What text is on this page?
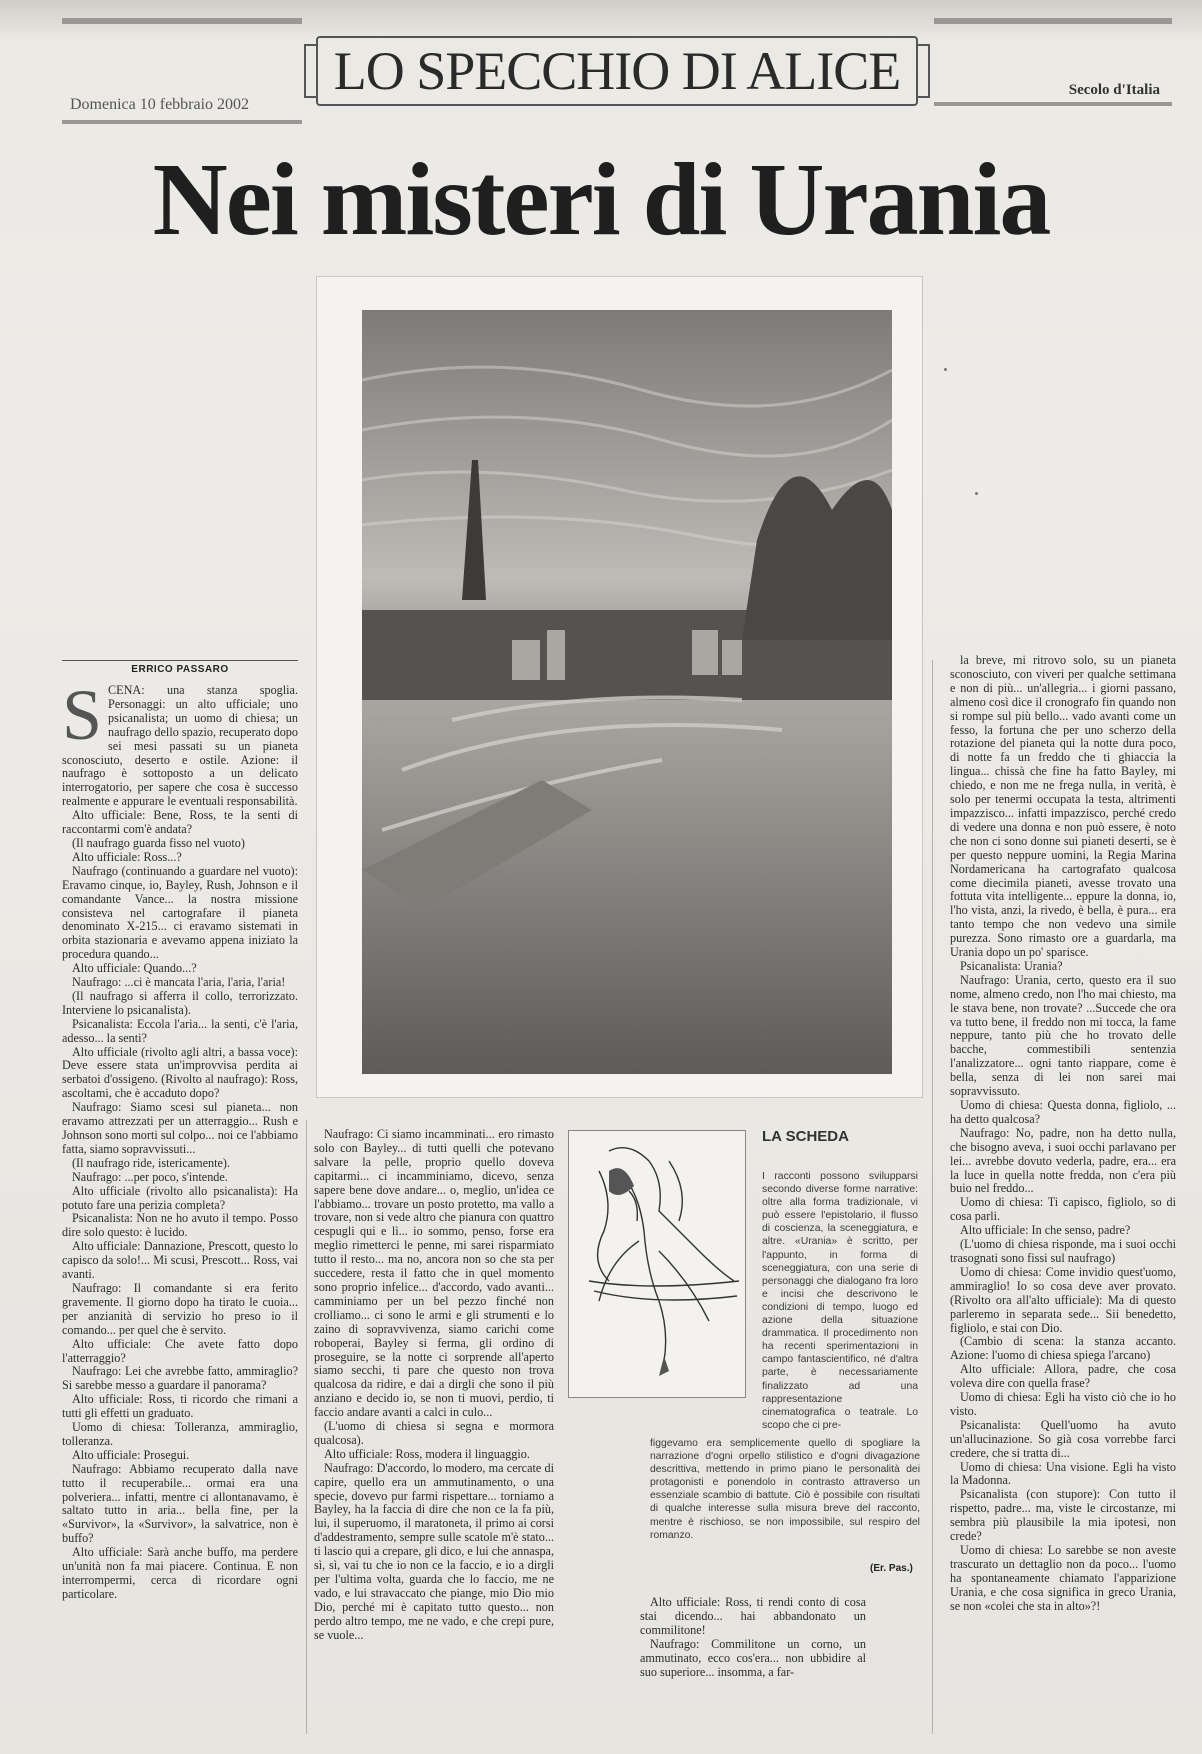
Domenica 10 febbraio 2002
LO SPECCHIO DI ALICE	Secolo d'Italia
Nei misteri di Urania
ERRICO PASSARO

SCENA: una stanza spoglia. Personaggi: un alto ufficiale; uno psicanalista; un uomo di chiesa; un naufrago dello spazio, recuperato dopo sei mesi passati su un pianeta sconosciuto, deserto e ostile. Azione: il naufrago è sottoposto a un delicato interrogatorio, per sapere che cosa è successo realmente e appurare le eventuali responsabilità.

Alto ufficiale: Bene, Ross, te la senti di raccontarmi com'è andata?

(Il naufrago guarda fisso nel vuoto)

Alto ufficiale: Ross...?

Naufrago (continuando a guardare nel vuoto): Eravamo cinque, io, Bayley, Rush, Johnson e il comandante Vance... la nostra missione consisteva nel cartografare il pianeta denominato X-215... ci eravamo sistemati in orbita stazionaria e avevamo appena iniziato la procedura quando...

Alto ufficiale: Quando...?

Naufrago: ...ci è mancata l'aria, l'aria, l'aria!

(Il naufrago si afferra il collo, terrorizzato. Interviene lo psicanalista).

Psicanalista: Eccola l'aria... la senti, c'è l'aria, adesso... la senti?

Alto ufficiale (rivolto agli altri, a bassa voce): Deve essere stata un'improvvisa perdita ai serbatoi d'ossigeno. (Rivolto al naufrago): Ross, ascoltami, che è accaduto dopo?

Naufrago: Siamo scesi sul pianeta... non eravamo attrezzati per un atterraggio... Rush e Johnson sono morti sul colpo... noi ce l'abbiamo fatta, siamo sopravvissuti...

(Il naufrago ride, istericamente).

Naufrago: ...per poco, s'intende.

Alto ufficiale (rivolto allo psicanalista): Ha potuto fare una perizia completa?

Psicanalista: Non ne ho avuto il tempo. Posso dire solo questo: è lucido.

Alto ufficiale: Dannazione, Prescott, questo lo capisco da solo!... Mi scusi, Prescott... Ross, vai avanti.

Naufrago: Il comandante si era ferito gravemente. Il giorno dopo ha tirato le cuoia... per anzianità di servizio ho preso io il comando... per quel che è servito.

Alto ufficiale: Che avete fatto dopo l'atterraggio?

Naufrago: Lei che avrebbe fatto, ammiraglio? Si sarebbe messo a guardare il panorama?

Alto ufficiale: Ross, ti ricordo che rimani a tutti gli effetti un graduato.

Uomo di chiesa: Tolleranza, ammiraglio, tolleranza.

Alto ufficiale: Prosegui.

Naufrago: Abbiamo recuperato dalla nave tutto il recuperabile... ormai era una polveriera... infatti, mentre ci allontanavamo, è saltato tutto in aria... bella fine, per la «Survivor», la «Survivor», la salvatrice, non è buffo?

Alto ufficiale: Sarà anche buffo, ma perdere un'unità non fa mai piacere. Continua. E non interrompermi, cerca di ricordare ogni particolare.

Naufrago: Ci siamo incamminati... ero rimasto solo con Bayley... di tutti quelli che potevano salvare la pelle, proprio quello doveva capitarmi... ci incamminiamo, dicevo, senza sapere bene dove andare... o, meglio, un'idea ce l'abbiamo... trovare un posto protetto, ma vallo a trovare, non si vede altro che pianura con quattro cespugli qui e lì... io sommo, penso, forse era meglio rimetterci le penne, mi sarei risparmiato tutto il resto... ma no, ancora non so che sta per succedere, resta il fatto che in quel momento sono proprio infelice... d'accordo, vado avanti... camminiamo per un bel pezzo finché non crolliamo... ci sono le armi e gli strumenti e lo zaino di sopravvivenza, siamo carichi come roboperai, Bayley si ferma, gli ordino di proseguire, se la notte ci sorprende all'aperto siamo secchi, ti pare che questo non trova qualcosa da ridire, e dai a dirgli che sono il più anziano e decido io, se non ti muovi, perdio, ti faccio andare avanti a calci in culo...

(L'uomo di chiesa si segna e mormora qualcosa).

Alto ufficiale: Ross, modera il linguaggio.

Naufrago: D'accordo, lo modero, ma cercate di capire, quello era un ammutinamento, o una specie, dovevo pur farmi rispettare... torniamo a Bayley, ha la faccia di dire che non ce la fa più, lui, il superuomo, il maratoneta, il primo ai corsi d'addestramento, sempre sulle scatole m'è stato... ti lascio qui a crepare, gli dico, e lui che annaspa, sì, sì, vai tu che io non ce la faccio, e io a dirgli per l'ultima volta, guarda che lo faccio, me ne vado, e lui stravaccato che piange, mio Dio mio Dio, perché mi è capitato tutto questo... non perdo altro tempo, me ne vado, e che crepi pure, se vuole...

LA SCHEDA
I racconti possono svilupparsi secondo diverse forme narrative: oltre alla forma tradizionale, vi può essere l'epistolario, il flusso di coscienza, la sceneggiatura, e altre. «Urania» è scritto, per l'appunto, in forma di sceneggiatura, con una serie di personaggi che dialogano fra loro e incisi che descrivono le condizioni di tempo, luogo ed azione della situazione drammatica. Il procedimento non ha recenti sperimentazioni in campo fantascientifico, né d'altra parte, è necessariamente finalizzato ad una rappresentazione cinematografica o teatrale. Lo scopo che ci pre-
figgevamo era semplicemente quello di spogliare la narrazione d'ogni orpello stilistico e d'ogni divagazione descrittiva, mettendo in primo piano le personalità dei protagonisti e ponendolo in contrasto attraverso un essenziale scambio di battute. Ciò è possibile con risultati di qualche interesse sulla misura breve del racconto, mentre è rischioso, se non impossibile, sul respiro del romanzo.
(Er. Pas.)

Alto ufficiale: Ross, ti rendi conto di cosa stai dicendo... hai abbandonato un commilitone!

Naufrago: Commilitone un corno, un ammutinato, ecco cos'era... non ubbidire al suo superiore... insomma, a far-

la breve, mi ritrovo solo, su un pianeta sconosciuto, con viveri per qualche settimana e non di più... un'allegria... i giorni passano, almeno così dice il cronografo fin quando non si rompe sul più bello... vado avanti come un fesso, la fortuna che per uno scherzo della rotazione del pianeta qui la notte dura poco, di notte fa un freddo che ti ghiaccia la lingua... chissà che fine ha fatto Bayley, mi chiedo, e non me ne frega nulla, in verità, è solo per tenermi occupata la testa, altrimenti impazzisco... infatti impazzisco, perché credo di vedere una donna e non può essere, è noto che non ci sono donne sui pianeti deserti, se è per questo neppure uomini, la Regia Marina Nordamericana ha cartografato qualcosa come diecimila pianeti, avesse trovato una fottuta vita intelligente... eppure la donna, io, l'ho vista, anzi, la rivedo, è bella, è pura... era tanto tempo che non vedevo una simile purezza. Sono rimasto ore a guardarla, ma Urania dopo un po' sparisce.

Psicanalista: Urania?

Naufrago: Urania, certo, questo era il suo nome, almeno credo, non l'ho mai chiesto, ma le stava bene, non trovate? ...Succede che ora va tutto bene, il freddo non mi tocca, la fame neppure, tanto più che ho trovato delle bacche, commestibili sentenzia l'analizzatore... ogni tanto riappare, come è bella, senza di lei non sarei mai sopravvissuto.

Uomo di chiesa: Questa donna, figliolo, ... ha detto qualcosa?

Naufrago: No, padre, non ha detto nulla, che bisogno aveva, i suoi occhi parlavano per lei... avrebbe dovuto vederla, padre, era... era la luce in quella notte fredda, non c'era più buio nel freddo...

Uomo di chiesa: Ti capisco, figliolo, so di cosa parli.

Alto ufficiale: In che senso, padre?

(L'uomo di chiesa risponde, ma i suoi occhi trasognati sono fissi sul naufrago)

Uomo di chiesa: Come invidio quest'uomo, ammiraglio! Io so cosa deve aver provato. (Rivolto ora all'alto ufficiale): Ma di questo parleremo in separata sede... Sii benedetto, figliolo, e stai con Dio.

(Cambio di scena: la stanza accanto. Azione: l'uomo di chiesa spiega l'arcano)

Alto ufficiale: Allora, padre, che cosa voleva dire con quella frase?

Uomo di chiesa: Egli ha visto ciò che io ho visto.

Psicanalista: Quell'uomo ha avuto un'allucinazione. So già cosa vorrebbe farci credere, che si tratta di...

Uomo di chiesa: Una visione. Egli ha visto la Madonna.

Psicanalista (con stupore): Con tutto il rispetto, padre... ma, viste le circostanze, mi sembra più plausibile la mia ipotesi, non crede?

Uomo di chiesa: Lo sarebbe se non aveste trascurato un dettaglio non da poco... l'uomo ha spontaneamente chiamato l'apparizione Urania, e che cosa significa in greco Urania, se non «colei che sta in alto»?!
